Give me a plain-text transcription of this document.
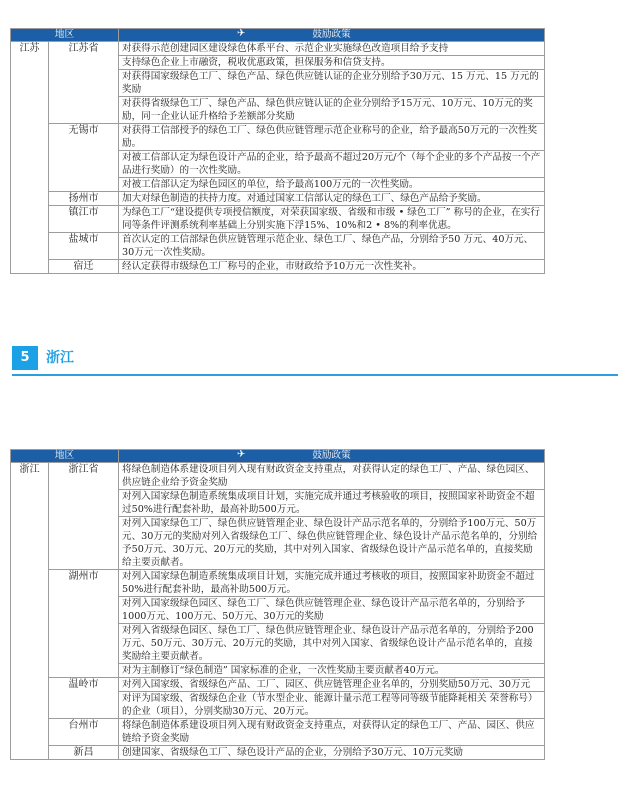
地区		✈ 鼓励政策

江苏	江苏省	对获得示范创建园区建设绿色体系平台、示范企业实施绿色改造项目给予支持
		支持绿色企业上市融资，税收优惠政策，担保服务和信贷支持。
		对获得国家级绿色工厂、绿色产品、绿色供应链认证的企业分别给予30万元、15 万元、15 万元的奖励
		对获得省级绿色工厂、绿色产品、绿色供应链认证的企业分别给予15万元、10万元、10万元的奖励，同一企业认证升格给予差额部分奖励
	无锡市	对获得工信部授予的绿色工厂、绿色供应链管理示范企业称号的企业，给予最高50万元的一次性奖励。
		对被工信部认定为绿色设计产品的企业，给予最高不超过20万元/个（每个企业的多个产品按一个产品进行奖励）的一次性奖励。
		对被工信部认定为绿色园区的单位，给予最高100万元的一次性奖励。
	扬州市	加大对绿色制造的扶持力度。对通过国家工信部认定的绿色工厂、绿色产品给予奖励。
	镇江市	为绿色工厂“建设提供专项授信额度，对荣获国家级、省级和市级 • 绿色工厂” 称号的企业，在实行同等条件评测系统利率基础上分别实施下浮15%、10%和2 • 8%的利率优惠。
	盐城市	首次认定的工信部绿色供应链管理示范企业、绿色工厂、绿色产品，分别给予50 万元、40万元、30万元一次性奖励。
	宿迁	经认定获得市级绿色工厂称号的企业，市财政给予10万元一次性奖补。
5	浙江
地区		✈ 鼓励政策

浙江	浙江省	将绿色制造体系建设项目列入现有财政资金支持重点，对获得认定的绿色工厂、产品、绿色园区、供应链企业给予资金奖励
		对列入国家绿色制造系统集成项目计划，实施完成并通过考核验收的项目，按照国家补助资金不超过50%进行配套补助，最高补助500万元。
		对列入国家绿色工厂、绿色供应链管理企业、绿色设计产品示范名单的，分别给予100万元、50万元、30万元的奖励对列入省级绿色工厂、绿色供应链管理企业、绿色设计产品示范名单的，分别给予50万元、30万元、20万元的奖励，其中对列入国家、省级绿色设计产品示范名单的，直接奖励给主要贡献者。
	湖州市	对列入国家绿色制造系统集成项目计划，实施完成并通过考核收的项目，按照国家补助资金不超过50%进行配套补助，最高补助500万元。
		对列入国家级绿色园区、绿色工厂、绿色供应链管理企业、绿色设计产品示范名单的，分别给予1000万元、100万元、50万元、30万元的奖励
		对列入省级绿色园区、绿色工厂、绿色供应链管理企业、绿色设计产品示范名单的，分别给予200万元、50万元、30万元、20万元的奖励，其中对列入国家、省级绿色设计产品示范名单的，直接奖励给主要贡献者。
		对为主制修订“绿色制造” 国家标准的企业，一次性奖励主要贡献者40万元。
	温岭市	对列入国家级、省级绿色产品、工厂、园区、供应链管理企业名单的，分别奖励50万元、30万元
		对评为国家级、省级绿色企业（节水型企业、能源计量示范工程等同等级节能降耗相关 荣誉称号）的企业（项目），分别奖励30万元、20万元。
	台州市	将绿色制造体系建设项目列入现有财政资金支持重点，对获得认定的绿色工厂、产品、园区、供应链给予资金奖励
	新昌	创建国家、省级绿色工厂、绿色设计产品的企业，分别给予30万元、10万元奖励
